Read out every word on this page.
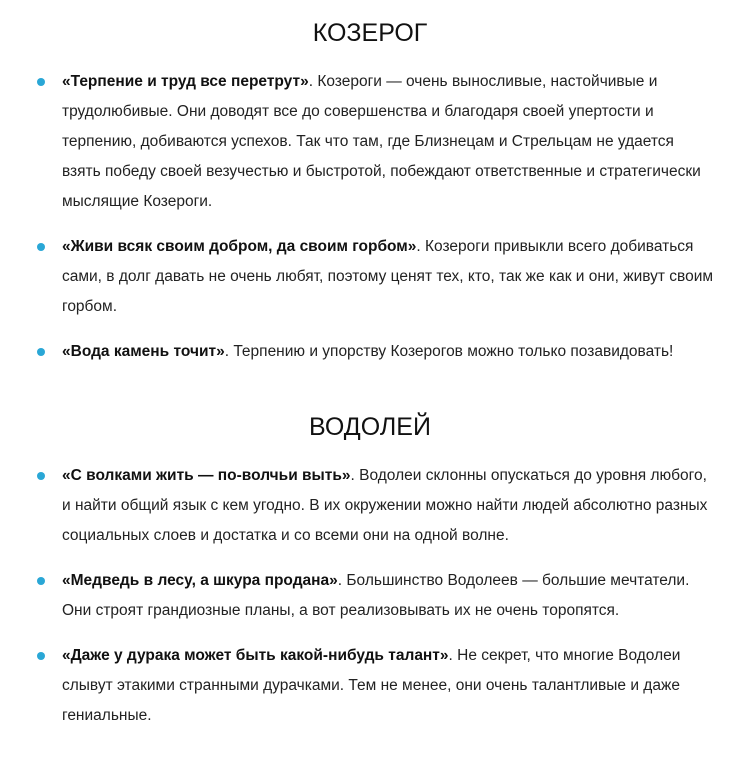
КОЗЕРОГ
«Терпение и труд все перетрут». Козероги — очень выносливые, настойчивые и трудолюбивые. Они доводят все до совершенства и благодаря своей упертости и терпению, добиваются успехов. Так что там, где Близнецам и Стрельцам не удается взять победу своей везучестью и быстротой, побеждают ответственные и стратегически мыслящие Козероги.
«Живи всяк своим добром, да своим горбом». Козероги привыкли всего добиваться сами, в долг давать не очень любят, поэтому ценят тех, кто, так же как и они, живут своим горбом.
«Вода камень точит». Терпению и упорству Козерогов можно только позавидовать!
ВОДОЛЕЙ
«С волками жить — по-волчьи выть». Водолеи склонны опускаться до уровня любого, и найти общий язык с кем угодно. В их окружении можно найти людей абсолютно разных социальных слоев и достатка и со всеми они на одной волне.
«Медведь в лесу, а шкура продана». Большинство Водолеев — большие мечтатели. Они строят грандиозные планы, а вот реализовывать их не очень торопятся.
«Даже у дурака может быть какой-нибудь талант». Не секрет, что многие Водолеи слывут этакими странными дурачками. Тем не менее, они очень талантливые и даже гениальные.
